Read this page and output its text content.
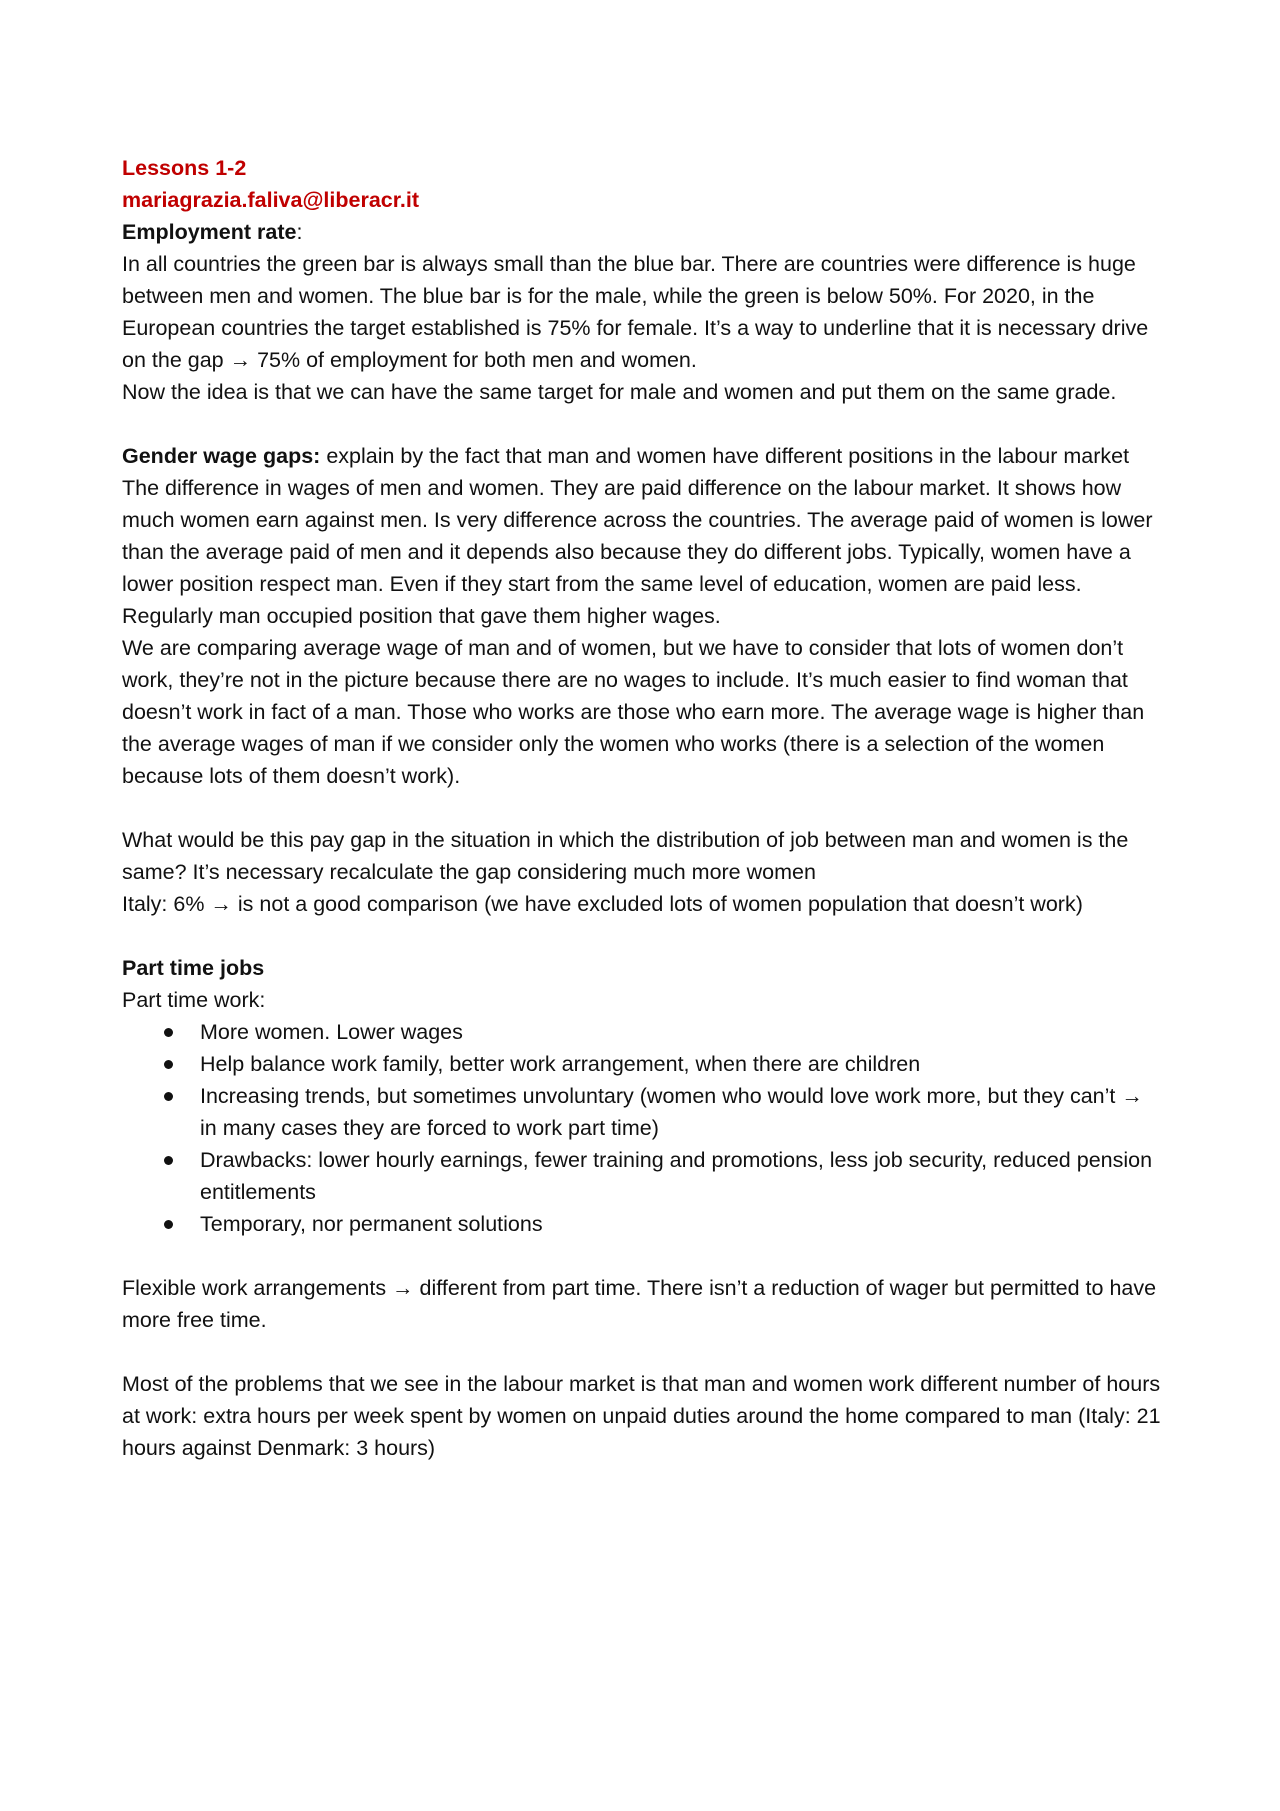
Lessons 1-2

mariagrazia.faliva@liberacr.it

Employment rate:

In all countries the green bar is always small than the blue bar. There are countries were difference is huge between men and women. The blue bar is for the male, while the green is below 50%. For 2020, in the European countries the target established is 75% for female. It’s a way to underline that it is necessary drive on the gap → 75% of employment for both men and women.

Now the idea is that we can have the same target for male and women and put them on the same grade.

Gender wage gaps: explain by the fact that man and women have different positions in the labour market

The difference in wages of men and women. They are paid difference on the labour market. It shows how much women earn against men. Is very difference across the countries. The average paid of women is lower than the average paid of men and it depends also because they do different jobs. Typically, women have a lower position respect man. Even if they start from the same level of education, women are paid less. Regularly man occupied position that gave them higher wages.

We are comparing average wage of man and of women, but we have to consider that lots of women don’t work, they’re not in the picture because there are no wages to include. It’s much easier to find woman that doesn’t work in fact of a man. Those who works are those who earn more. The average wage is higher than the average wages of man if we consider only the women who works (there is a selection of the women because lots of them doesn’t work).

What would be this pay gap in the situation in which the distribution of job between man and women is the same? It’s necessary recalculate the gap considering much more women

Italy: 6% → is not a good comparison (we have excluded lots of women population that doesn’t work)

Part time jobs

Part time work:

More women. Lower wages
Help balance work family, better work arrangement, when there are children
Increasing trends, but sometimes unvoluntary (women who would love work more, but they can’t → in many cases they are forced to work part time)
Drawbacks: lower hourly earnings, fewer training and promotions, less job security, reduced pension entitlements
Temporary, nor permanent solutions

Flexible work arrangements → different from part time. There isn’t a reduction of wager but permitted to have more free time.

Most of the problems that we see in the labour market is that man and women work different number of hours at work: extra hours per week spent by women on unpaid duties around the home compared to man (Italy: 21 hours against Denmark: 3 hours)
